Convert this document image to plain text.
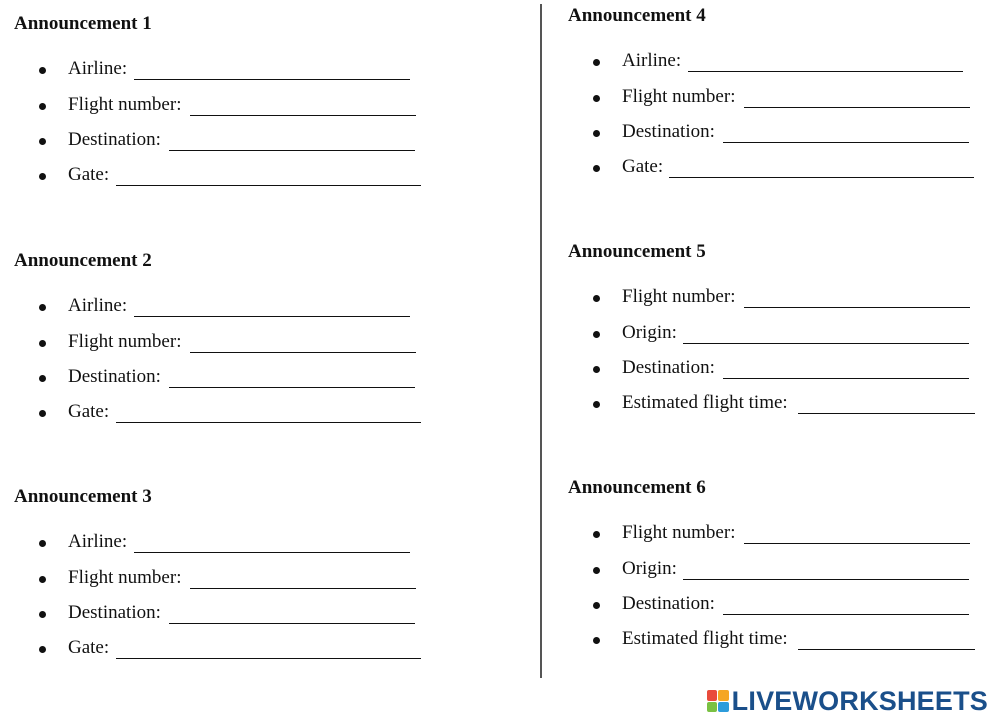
Announcement 1
Airline:
Flight number:
Destination:
Gate:
Announcement 2
Airline:
Flight number:
Destination:
Gate:
Announcement 3
Airline:
Flight number:
Destination:
Gate:
Announcement 4
Airline:
Flight number:
Destination:
Gate:
Announcement 5
Flight number:
Origin:
Destination:
Estimated flight time:
Announcement 6
Flight number:
Origin:
Destination:
Estimated flight time:
LIVEWORKSHEETS
